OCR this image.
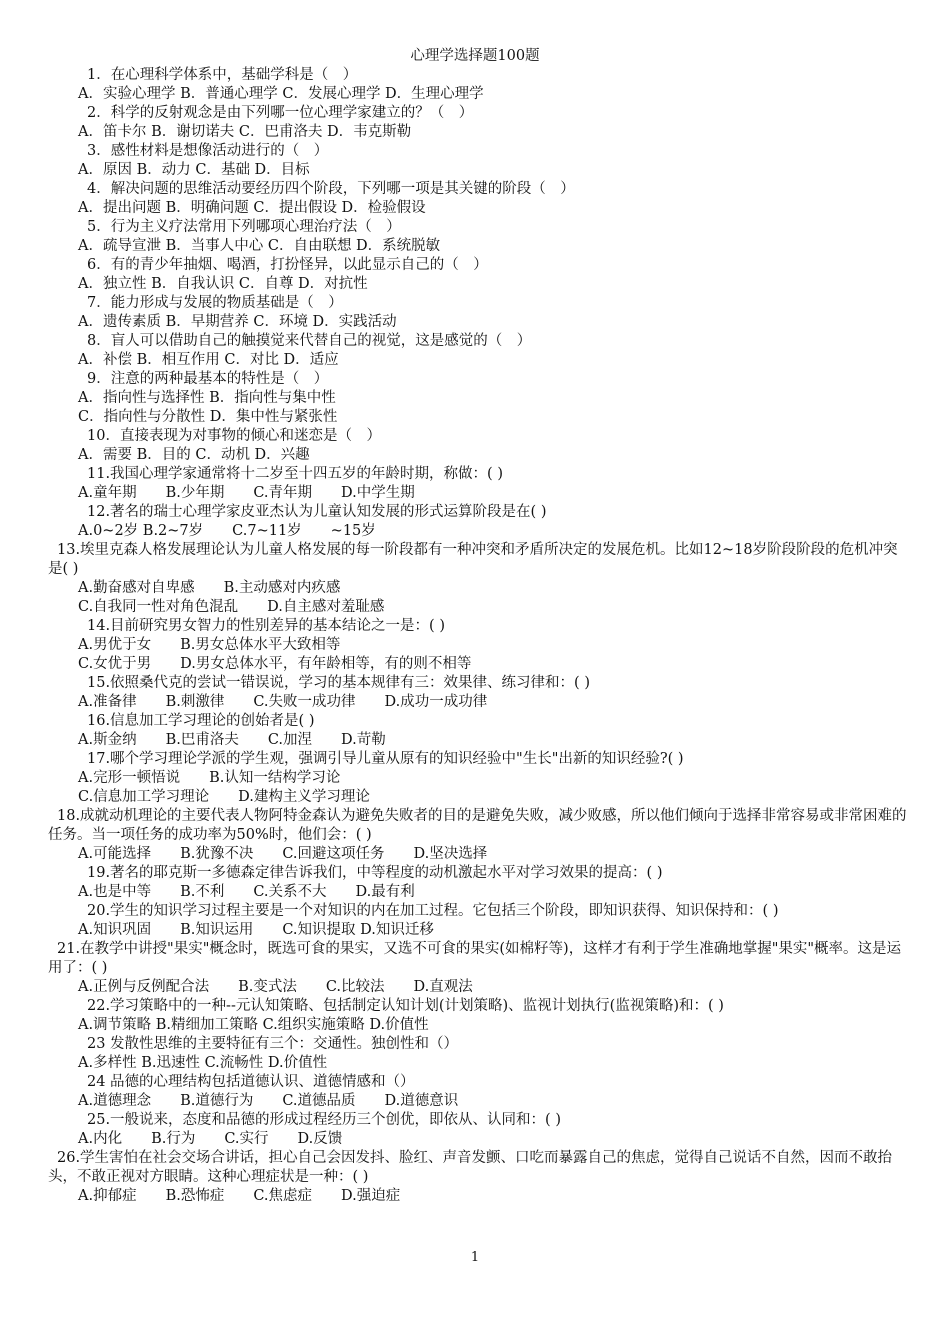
心理学选择题100题
1．在心理科学体系中，基础学科是（　）
A．实验心理学 B．普通心理学 C．发展心理学 D．生理心理学
2．科学的反射观念是由下列哪一位心理学家建立的？（　）
A．笛卡尔 B．谢切诺夫 C．巴甫洛夫 D．韦克斯勒
3．感性材料是想像活动进行的（　）
A．原因 B．动力 C．基础 D．目标
4．解决问题的思维活动要经历四个阶段，下列哪一项是其关键的阶段（　）
A．提出问题 B．明确问题 C．提出假设 D．检验假设
5．行为主义疗法常用下列哪项心理治疗法（　）
A．疏导宣泄 B．当事人中心 C．自由联想 D．系统脱敏
6．有的青少年抽烟、喝酒，打扮怪异，以此显示自己的（　）
A．独立性 B．自我认识 C．自尊 D．对抗性
7．能力形成与发展的物质基础是（　）
A．遗传素质 B．早期营养 C．环境 D．实践活动
8．盲人可以借助自己的触摸觉来代替自己的视觉，这是感觉的（　）
A．补偿 B．相互作用 C．对比 D．适应
9．注意的两种最基本的特性是（　）
A．指向性与选择性 B．指向性与集中性
C．指向性与分散性 D．集中性与紧张性
10．直接表现为对事物的倾心和迷恋是（　）
A．需要 B．目的 C．动机 D．兴趣
11.我国心理学家通常将十二岁至十四五岁的年龄时期，称做：( )
A.童年期　　B.少年期　　C.青年期　　D.中学生期
12.著名的瑞士心理学家皮亚杰认为儿童认知发展的形式运算阶段是在( )
A.0~2岁 B.2~7岁　　C.7~11岁　　~15岁
13.埃里克森人格发展理论认为儿童人格发展的每一阶段都有一种冲突和矛盾所决定的发展危机。比如12~18岁阶段阶段的危机冲突是( )
A.勤奋感对自卑感　　B.主动感对内疚感
C.自我同一性对角色混乱　　D.自主感对羞耻感
14.目前研究男女智力的性别差异的基本结论之一是：( )
A.男优于女　　B.男女总体水平大致相等
C.女优于男　　D.男女总体水平，有年龄相等，有的则不相等
15.依照桑代克的尝试一错误说，学习的基本规律有三：效果律、练习律和：( )
A.准备律　　B.刺激律　　C.失败一成功律　　D.成功一成功律
16.信息加工学习理论的创始者是( )
A.斯金纳　　B.巴甫洛夫　　C.加涅　　D.苛勒
17.哪个学习理论学派的学生观，强调引导儿童从原有的知识经验中"生长"出新的知识经验?( )
A.完形一顿悟说　　B.认知一结构学习论
C.信息加工学习理论　　D.建构主义学习理论
18.成就动机理论的主要代表人物阿特金森认为避免失败者的目的是避免失败，减少败感，所以他们倾向于选择非常容易或非常困难的任务。当一项任务的成功率为50%时，他们会：( )
A.可能选择　　B.犹豫不决　　C.回避这项任务　　D.坚决选择
19.著名的耶克斯一多德森定律告诉我们，中等程度的动机激起水平对学习效果的提高：( )
A.也是中等　　B.不利　　C.关系不大　　D.最有利
20.学生的知识学习过程主要是一个对知识的内在加工过程。它包括三个阶段，即知识获得、知识保持和：( )
A.知识巩固　　B.知识运用　　C.知识提取 D.知识迁移
21.在教学中讲授"果实"概念时，既选可食的果实，又选不可食的果实(如棉籽等)，这样才有利于学生准确地掌握"果实"概率。这是运用了：( )
A.正例与反例配合法　　B.变式法　　C.比较法　　D.直观法
22.学习策略中的一种--元认知策略、包括制定认知计划(计划策略)、监视计划执行(监视策略)和：( )
A.调节策略 B.精细加工策略 C.组织实施策略 D.价值性
23 发散性思维的主要特征有三个：交通性。独创性和（）
A.多样性 B.迅速性 C.流畅性 D.价值性
24 品德的心理结构包括道德认识、道德情感和（）
A.道德理念　　B.道德行为　　C.道德品质　　D.道德意识
25.一般说来，态度和品德的形成过程经历三个创优，即依从、认同和：( )
A.内化　　B.行为　　C.实行　　D.反馈
26.学生害怕在社会交场合讲话，担心自己会因发抖、脸红、声音发颤、口吃而暴露自己的焦虑，觉得自己说话不自然，因而不敢抬头，不敢正视对方眼睛。这种心理症状是一种：( )
A.抑郁症　　B.恐怖症　　C.焦虑症　　D.强迫症
1
